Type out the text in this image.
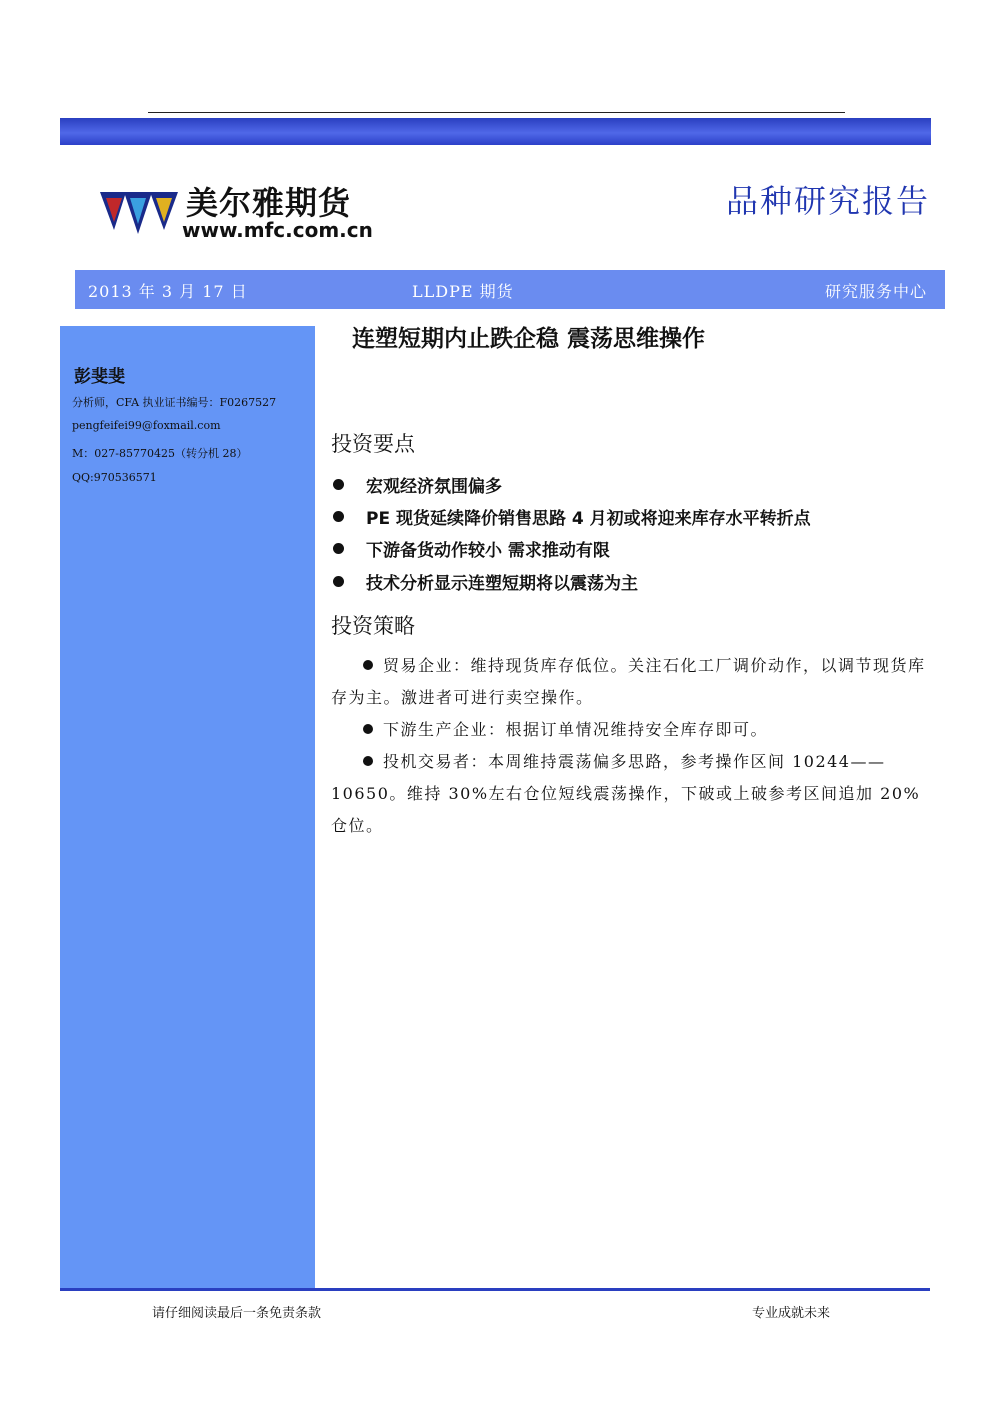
美尔雅期货
www.mfc.com.cn
品种研究报告
2013 年 3 月 17 日	LLDPE 期货	研究服务中心
彭斐斐
分析师，CFA 执业证书编号：F0267527
pengfeifei99@foxmail.com
M：027-85770425（转分机 28）
QQ:970536571
连塑短期内止跌企稳 震荡思维操作
投资要点
宏观经济氛围偏多
PE 现货延续降价销售思路 4 月初或将迎来库存水平转折点
下游备货动作较小 需求推动有限
技术分析显示连塑短期将以震荡为主
投资策略

贸易企业：维持现货库存低位。关注石化工厂调价动作，以调节现货库存为主。激进者可进行卖空操作。

下游生产企业：根据订单情况维持安全库存即可。

投机交易者：本周维持震荡偏多思路，参考操作区间 10244——10650。维持 30%左右仓位短线震荡操作，下破或上破参考区间追加 20%仓位。

请仔细阅读最后一条免责条款	专业成就未来
